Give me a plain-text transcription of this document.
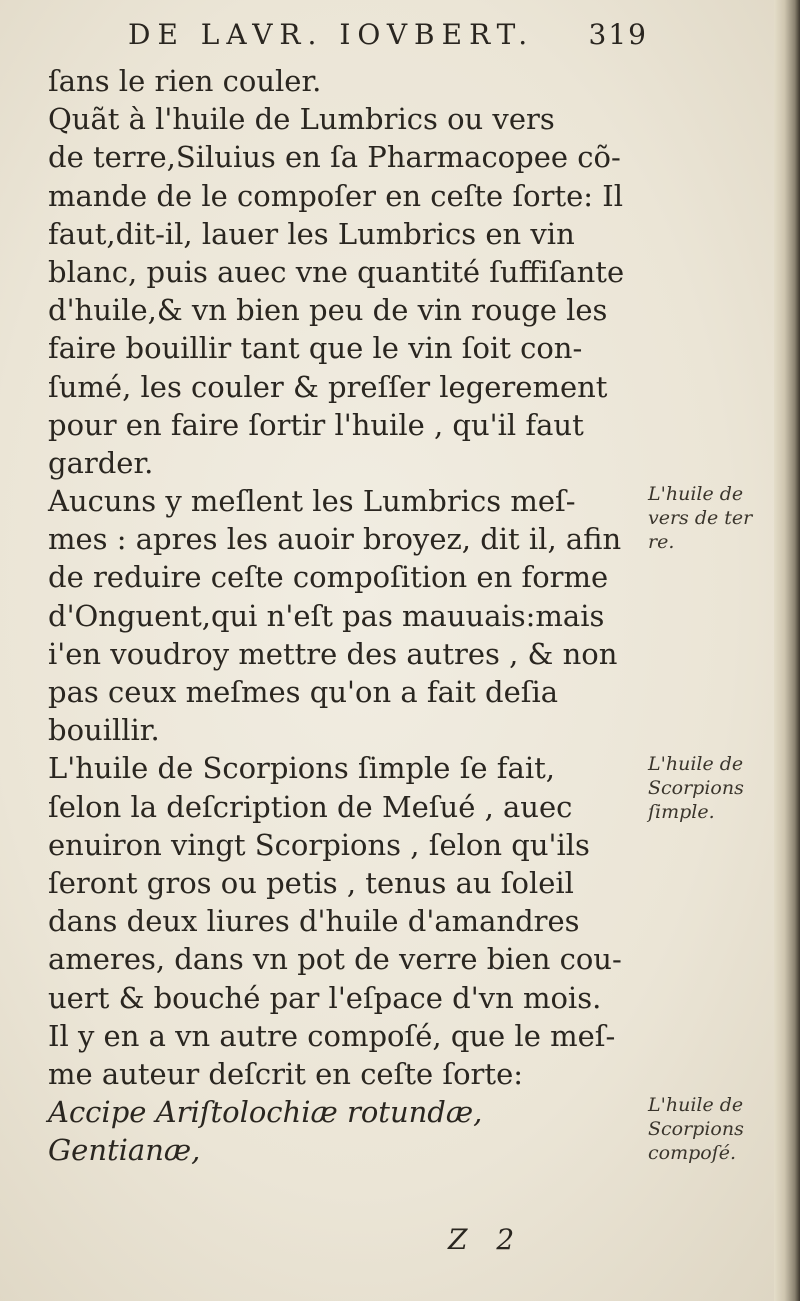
DE LAVR. IOVBERT. 319
ſans le rien couler.
Quãt à l'huile de Lumbrics ou vers
de terre,Siluius en ſa Pharmacopee cõ-
mande de le compoſer en ceſte ſorte: Il
faut,dit-il, lauer les Lumbrics en vin
blanc, puis auec vne quantité ſuffiſante
d'huile,& vn bien peu de vin rouge les
faire bouillir tant que le vin ſoit con-
ſumé, les couler & preſſer legerement
pour en faire ſortir l'huile , qu'il faut
garder.
Aucuns y meſlent les Lumbrics meſ-
mes : apres les auoir broyez, dit il, afin
de reduire ceſte compoſition en forme
d'Onguent,qui n'eſt pas mauuais:mais
i'en voudroy mettre des autres , & non
pas ceux meſmes qu'on a fait deſia
bouillir.
L'huile de Scorpions ſimple ſe fait,
ſelon la deſcription de Meſué , auec
enuiron vingt Scorpions , ſelon qu'ils
ſeront gros ou petis , tenus au ſoleil
dans deux liures d'huile d'amandres
ameres, dans vn pot de verre bien cou-
uert & bouché par l'eſpace d'vn mois.
Il y en a vn autre compoſé, que le meſ-
me auteur deſcrit en ceſte ſorte:
Accipe Ariſtolochiæ rotundæ,
Gentianæ,
L'huile de
vers de ter
re.
L'huile de
Scorpions
ſimple.
L'huile de
Scorpions
compoſé.
Z 2
